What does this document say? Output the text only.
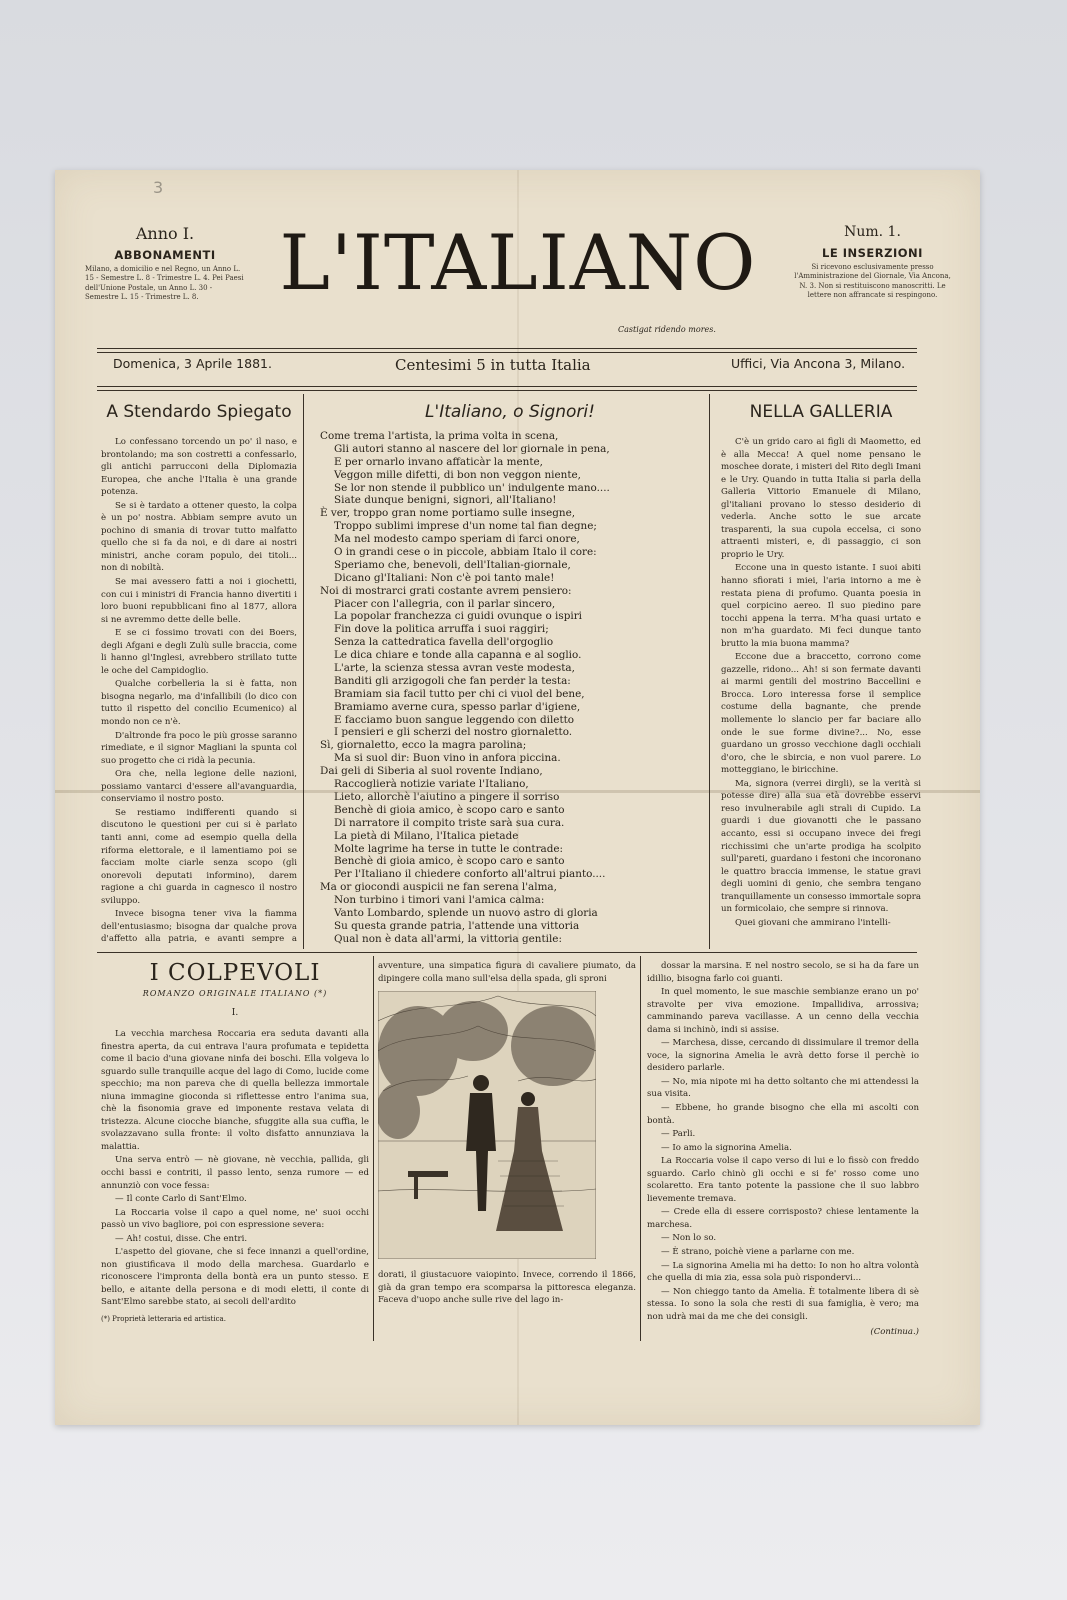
3
Anno I.
ABBONAMENTI
Milano, a domicilio e nel Regno, un Anno L. 15 - Semestre L. 8 - Trimestre L. 4. Pei Paesi dell'Unione Postale, un Anno L. 30 - Semestre L. 15 - Trimestre L. 8.	L'ITALIANO
Castigat ridendo mores.
Num. 1.
LE INSERZIONI
Si ricevono esclusivamente presso l'Amministrazione del Giornale, Via Ancona, N. 3. Non si restituiscono manoscritti. Le lettere non affrancate si respingono.
Domenica, 3 Aprile 1881.	Centesimi 5 in tutta Italia	Uffici, Via Ancona 3, Milano.
A Stendardo Spiegato

Lo confessano torcendo un po' il naso, e brontolando; ma son costretti a confessarlo, gli antichi parrucconi della Diplomazia Europea, che anche l'Italia è una grande potenza.

Se si è tardato a ottener questo, la colpa è un po' nostra. Abbiam sempre avuto un pochino di smania di trovar tutto malfatto quello che si fa da noi, e di dare ai nostri ministri, anche coram populo, dei titoli... non di nobiltà.

Se mai avessero fatti a noi i giochetti, con cui i ministri di Francia hanno divertiti i loro buoni repubblicani fino al 1877, allora si ne avremmo dette delle belle.

E se ci fossimo trovati con dei Boers, degli Afgani e degli Zulù sulle braccia, come li hanno gl'Inglesi, avrebbero strillato tutte le oche del Campidoglio.

Qualche corbelleria la si è fatta, non bisogna negarlo, ma d'infallibili (lo dico con tutto il rispetto del concilio Ecumenico) al mondo non ce n'è.

D'altronde fra poco le più grosse saranno rimediate, e il signor Magliani la spunta col suo progetto che ci ridà la pecunia.

Ora che, nella legione delle nazioni, possiamo vantarci d'essere all'avanguardia, conserviamo il nostro posto.

Se restiamo indifferenti quando si discutono le questioni per cui si è parlato tanti anni, come ad esempio quella della riforma elettorale, e il lamentiamo poi se facciam molte ciarle senza scopo (gli onorevoli deputati informino), darem ragione a chi guarda in cagnesco il nostro sviluppo.

Invece bisogna tener viva la fiamma dell'entusiasmo; bisogna dar qualche prova d'affetto alla patria, e avanti sempre a

L'Italiano, o Signori!
Come trema l'artista, la prima volta in scena,
Gli autori stanno al nascere del lor giornale in pena,
E per ornarlo invano affaticàr la mente,
Veggon mille difetti, di bon non veggon niente,
Se lor non stende il pubblico un' indulgente mano....
Siate dunque benigni, signori, all'Italiano!
È ver, troppo gran nome portiamo sulle insegne,
Troppo sublimi imprese d'un nome tal fian degne;
Ma nel modesto campo speriam di farci onore,
O in grandi cese o in piccole, abbiam Italo il core:
Speriamo che, benevoli, dell'Italian-giornale,
Dicano gl'Italiani: Non c'è poi tanto male!
Noi di mostrarci grati costante avrem pensiero:
Piacer con l'allegria, con il parlar sincero,
La popolar franchezza ci guidi ovunque o ispiri
Fin dove la politica arruffa i suoi raggiri;
Senza la cattedratica favella dell'orgoglio
Le dica chiare e tonde alla capanna e al soglio.
L'arte, la scienza stessa avran veste modesta,
Banditi gli arzigogoli che fan perder la testa:
Bramiam sia facil tutto per chi ci vuol del bene,
Bramiamo averne cura, spesso parlar d'igiene,
E facciamo buon sangue leggendo con diletto
I pensieri e gli scherzi del nostro giornaletto.
Sì, giornaletto, ecco la magra parolina;
Ma si suol dir: Buon vino in anfora piccina.
Dai geli di Siberia al suol rovente Indiano,
Raccoglierà notizie variate l'Italiano,
Lieto, allorchè l'aiutino a pingere il sorriso
Benchè di gioia amico, è scopo caro e santo
Di narratore il compito triste sarà sua cura.
La pietà di Milano, l'Italica pietade
Molte lagrime ha terse in tutte le contrade:
Benchè di gioia amico, è scopo caro e santo
Per l'Italiano il chiedere conforto all'altrui pianto....
Ma or giocondi auspicii ne fan serena l'alma,
Non turbino i timori vani l'amica calma:
Vanto Lombardo, splende un nuovo astro di gloria
Su questa grande patria, l'attende una vittoria
Qual non è data all'armi, la vittoria gentile:
NELLA GALLERIA

C'è un grido caro ai figli di Maometto, ed è alla Mecca! A quel nome pensano le moschee dorate, i misteri del Rito degli Imani e le Ury. Quando in tutta Italia si parla della Galleria Vittorio Emanuele di Milano, gl'italiani provano lo stesso desiderio di vederla. Anche sotto le sue arcate trasparenti, la sua cupola eccelsa, ci sono attraenti misteri, e, di passaggio, ci son proprio le Ury.

Eccone una in questo istante. I suoi abiti hanno sfiorati i miei, l'aria intorno a me è restata piena di profumo. Quanta poesia in quel corpicino aereo. Il suo piedino pare tocchi appena la terra. M'ha quasi urtato e non m'ha guardato. Mi feci dunque tanto brutto la mia buona mamma?

Eccone due a braccetto, corrono come gazzelle, ridono... Ah! si son fermate davanti ai marmi gentili del mostrino Baccellini e Brocca. Loro interessa forse il semplice costume della bagnante, che prende mollemente lo slancio per far baciare allo onde le sue forme divine?... No, esse guardano un grosso vecchione dagli occhiali d'oro, che le sbircia, e non vuol parere. Lo motteggiano, le biricchine.

Ma, signora (verrei dirgli), se la verità si potesse dire) alla sua età dovrebbe esservi reso invulnerabile agli strali di Cupido. La guardi i due giovanotti che le passano accanto, essi si occupano invece dei fregi ricchissimi che un'arte prodiga ha scolpito sull'pareti, guardano i festoni che incoronano le quattro braccia immense, le statue gravi degli uomini di genio, che sembra tengano tranquillamente un consesso immortale sopra un formicolaio, che sempre si rinnova.

Quei giovani che ammirano l'intelli-

I COLPEVOLI
ROMANZO ORIGINALE ITALIANO (*)
I.

La vecchia marchesa Roccaria era seduta davanti alla finestra aperta, da cui entrava l'aura profumata e tepidetta come il bacio d'una giovane ninfa dei boschi. Ella volgeva lo sguardo sulle tranquille acque del lago di Como, lucide come specchio; ma non pareva che di quella bellezza immortale niuna immagine gioconda si riflettesse entro l'anima sua, chè la fisonomia grave ed imponente restava velata di tristezza. Alcune ciocche bianche, sfuggite alla sua cuffia, le svolazzavano sulla fronte: il volto disfatto annunziava la malattia.

Una serva entrò — nè giovane, nè vecchia, pallida, gli occhi bassi e contriti, il passo lento, senza rumore — ed annunziò con voce fessa:

— Il conte Carlo di Sant'Elmo.

La Roccaria volse il capo a quel nome, ne' suoi occhi passò un vivo bagliore, poi con espressione severa:

— Ah! costui, disse. Che entri.

L'aspetto del giovane, che si fece innanzi a quell'ordine, non giustificava il modo della marchesa. Guardarlo e riconoscere l'impronta della bontà era un punto stesso. E bello, e aitante della persona e di modi eletti, il conte di Sant'Elmo sarebbe stato, ai secoli dell'ardito

(*) Proprietà letteraria ed artistica.
avventure, una simpatica figura di cavaliere piumato, da dipingere colla mano sull'elsa della spada, gli sproni
dorati, il giustacuore vaiopinto. Invece, correndo il 1866, già da gran tempo era scomparsa la pittoresca eleganza. Faceva d'uopo anche sulle rive del lago in-

dossar la marsina. E nel nostro secolo, se si ha da fare un idillio, bisogna farlo coi guanti.

In quel momento, le sue maschie sembianze erano un po' stravolte per viva emozione. Impallidiva, arrossiva; camminando pareva vacillasse. A un cenno della vecchia dama si inchinò, indi si assise.

— Marchesa, disse, cercando di dissimulare il tremor della voce, la signorina Amelia le avrà detto forse il perchè io desidero parlarle.

— No, mia nipote mi ha detto soltanto che mi attendessi la sua visita.

— Ebbene, ho grande bisogno che ella mi ascolti con bontà.

— Parli.

— Io amo la signorina Amelia.

La Roccaria volse il capo verso di lui e lo fissò con freddo sguardo. Carlo chinò gli occhi e si fe' rosso come uno scolaretto. Era tanto potente la passione che il suo labbro lievemente tremava.

— Crede ella di essere corrisposto? chiese lentamente la marchesa.

— Non lo so.

— È strano, poichè viene a parlarne con me.

— La signorina Amelia mi ha detto: Io non ho altra volontà che quella di mia zia, essa sola può rispondervi...

— Non chieggo tanto da Amelia. È totalmente libera di sè stessa. Io sono la sola che resti di sua famiglia, è vero; ma non udrà mai da me che dei consigli.

(Continua.)
